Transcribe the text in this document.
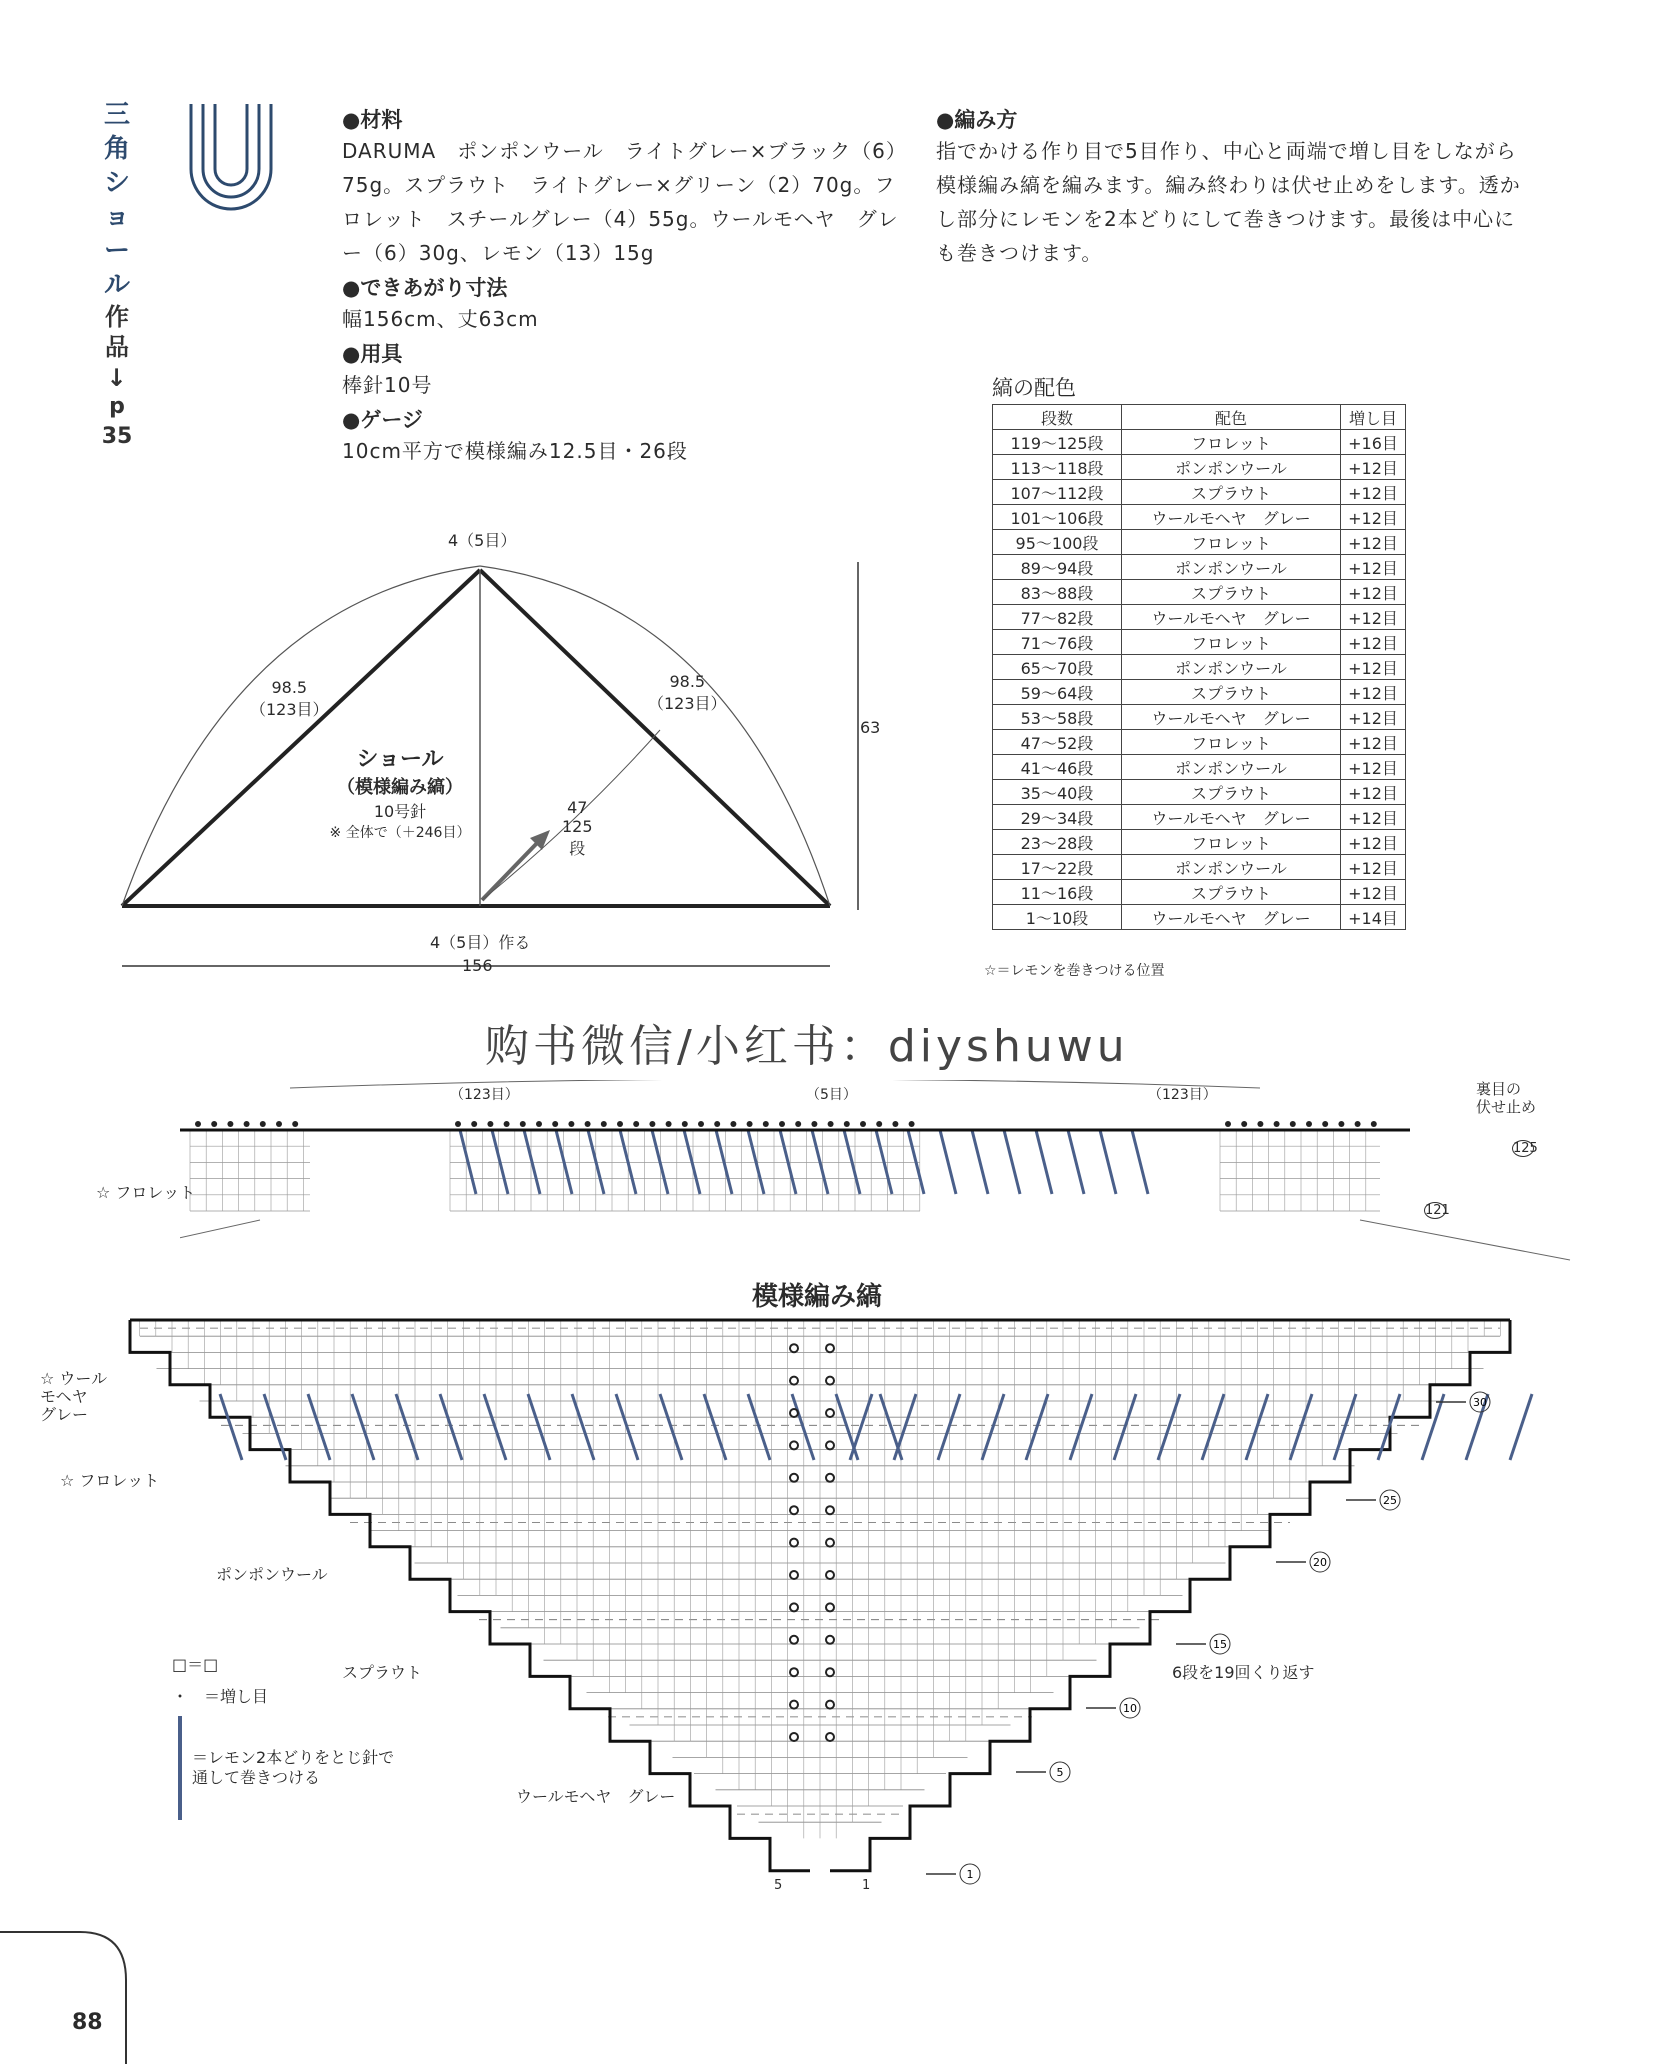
三角ショール
作品
→
p 35

●材料

DARUMA　ポンポンウール　ライトグレー×ブラック（6）75g。スプラウト　ライトグレー×グリーン（2）70g。フロレット　スチールグレー（4）55g。ウールモヘヤ　グレー（6）30g、レモン（13）15g

●できあがり寸法

幅156cm、丈63cm

●用具

棒針10号

●ゲージ

10cm平方で模様編み12.5目・26段

●編み方

指でかける作り目で5目作り、中心と両端で増し目をしながら模様編み縞を編みます。編み終わりは伏せ止めをします。透かし部分にレモンを2本どりにして巻きつけます。最後は中心にも巻きつけます。

4（5目）
98.5
（123目）
98.5
（123目）
63
ショール
（模様編み縞）
10号針
※ 全体で（＋246目）
47
125
段
4（5目）作る
156
縞の配色
段数	配色	増し目
119〜125段	フロレット	+16目
113〜118段	ポンポンウール	+12目
107〜112段	スプラウト	+12目
101〜106段	ウールモヘヤ　グレー	+12目
95〜100段	フロレット	+12目
89〜94段	ポンポンウール	+12目
83〜88段	スプラウト	+12目
77〜82段	ウールモヘヤ　グレー	+12目
71〜76段	フロレット	+12目
65〜70段	ポンポンウール	+12目
59〜64段	スプラウト	+12目
53〜58段	ウールモヘヤ　グレー	+12目
47〜52段	フロレット	+12目
41〜46段	ポンポンウール	+12目
35〜40段	スプラウト	+12目
29〜34段	ウールモヘヤ　グレー	+12目
23〜28段	フロレット	+12目
17〜22段	ポンポンウール	+12目
11〜16段	スプラウト	+12目
1〜10段	ウールモヘヤ　グレー	+14目
☆＝レモンを巻きつける位置
购书微信/小红书：diyshuwu
（123目）	（5目）	（123目）	裏目の
伏せ止め
125
121
☆ フロレット
模様編み縞
30
25
20
15
10
5
1
☆ ウール
モヘヤ
グレー
☆ フロレット
ポンポンウール
スプラウト
ウールモヘヤ　グレー
6段を19回くり返す
5	1
□＝□
・　＝増し目
＝レモン2本どりをとじ針で
通して巻きつける
88
